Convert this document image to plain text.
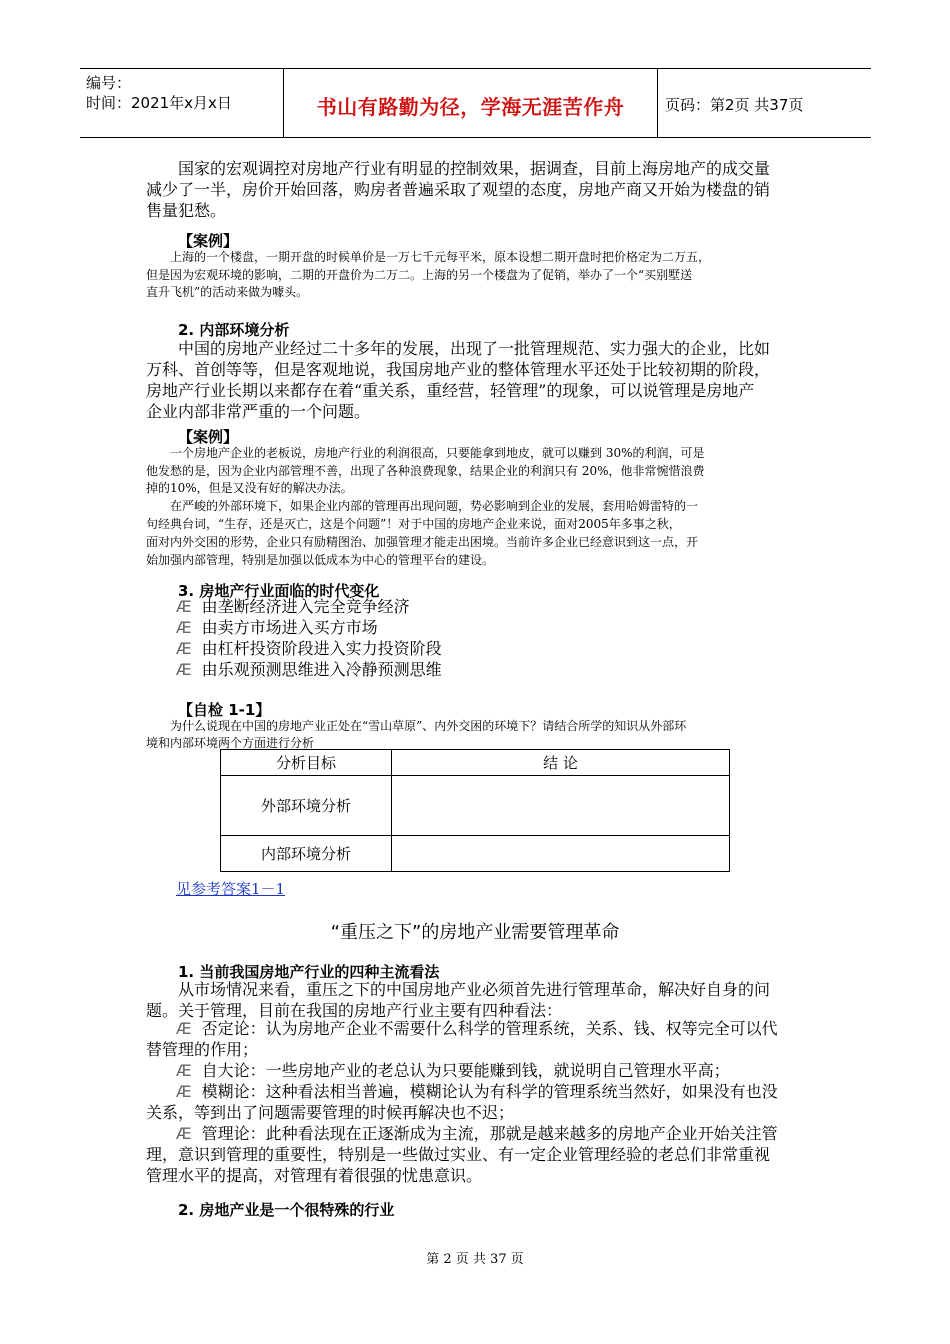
编号：
时间：2021年x月x日	书山有路勤为径，学海无涯苦作舟	页码：第2页 共37页
国家的宏观调控对房地产行业有明显的控制效果，据调查，目前上海房地产的成交量
减少了一半，房价开始回落，购房者普遍采取了观望的态度，房地产商又开始为楼盘的销
售量犯愁。
【案例】
上海的一个楼盘，一期开盘的时候单价是一万七千元每平米，原本设想二期开盘时把价格定为二万五，
但是因为宏观环境的影响，二期的开盘价为二万二。上海的另一个楼盘为了促销，举办了一个“买别墅送
直升飞机”的活动来做为噱头。
2. 内部环境分析
中国的房地产业经过二十多年的发展，出现了一批管理规范、实力强大的企业，比如
万科、首创等等，但是客观地说，我国房地产业的整体管理水平还处于比较初期的阶段，
房地产行业长期以来都存在着“重关系，重经营，轻管理”的现象，可以说管理是房地产
企业内部非常严重的一个问题。
【案例】
一个房地产企业的老板说，房地产行业的利润很高，只要能拿到地皮，就可以赚到 30%的利润，可是
他发愁的是，因为企业内部管理不善，出现了各种浪费现象，结果企业的利润只有 20%，他非常惋惜浪费
掉的10%，但是又没有好的解决办法。
在严峻的外部环境下，如果企业内部的管理再出现问题，势必影响到企业的发展，套用哈姆雷特的一
句经典台词，“生存，还是灭亡，这是个问题”！对于中国的房地产企业来说，面对2005年多事之秋，
面对内外交困的形势，企业只有励精图治、加强管理才能走出困境。当前许多企业已经意识到这一点，开
始加强内部管理，特别是加强以低成本为中心的管理平台的建设。
3. 房地产行业面临的时代变化
Æ 由垄断经济进入完全竞争经济
Æ 由卖方市场进入买方市场
Æ 由杠杆投资阶段进入实力投资阶段
Æ 由乐观预测思维进入冷静预测思维
【自检 1-1】
为什么说现在中国的房地产业正处在“雪山草原”、内外交困的环境下？请结合所学的知识从外部环
境和内部环境两个方面进行分析
分析目标	结 论
外部环境分析	
内部环境分析	
见参考答案1－1
“重压之下”的房地产业需要管理革命
1. 当前我国房地产行业的四种主流看法
从市场情况来看，重压之下的中国房地产业必须首先进行管理革命，解决好自身的问
题。关于管理，目前在我国的房地产行业主要有四种看法：
Æ 否定论：认为房地产企业不需要什么科学的管理系统，关系、钱、权等完全可以代
替管理的作用；
Æ 自大论：一些房地产业的老总认为只要能赚到钱，就说明自己管理水平高；
Æ 模糊论：这种看法相当普遍，模糊论认为有科学的管理系统当然好，如果没有也没
关系，等到出了问题需要管理的时候再解决也不迟；
Æ 管理论：此种看法现在正逐渐成为主流，那就是越来越多的房地产企业开始关注管
理，意识到管理的重要性，特别是一些做过实业、有一定企业管理经验的老总们非常重视
管理水平的提高，对管理有着很强的忧患意识。
2. 房地产业是一个很特殊的行业
第 2 页 共 37 页
